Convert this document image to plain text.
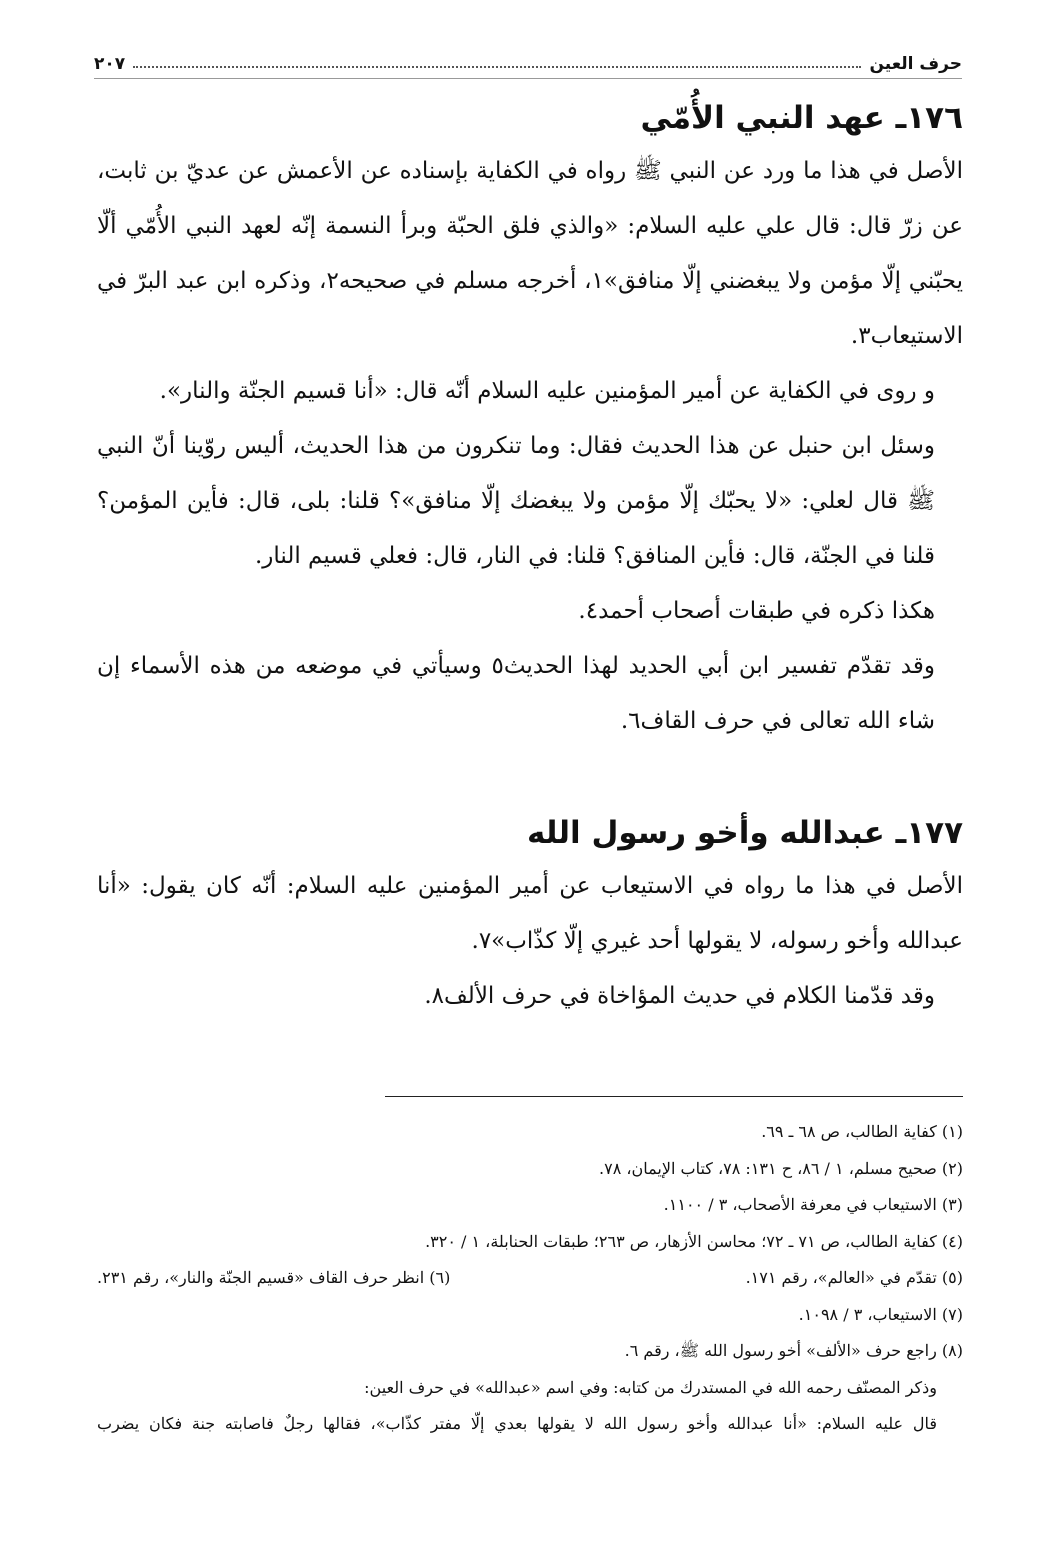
حرف العين
٢٠٧
١٧٦ـ عهد النبي الأُمّي

الأصل في هذا ما ورد عن النبي ﷺ رواه في الكفاية بإسناده عن الأعمش عن عديّ بن ثابت، عن زرّ قال: قال علي عليه السلام: «والذي فلق الحبّة وبرأ النسمة إنّه لعهد النبي الأُمّي ألّا يحبّني إلّا مؤمن ولا يبغضني إلّا منافق»١، أخرجه مسلم في صحيحه٢، وذكره ابن عبد البرّ في الاستيعاب٣.

و روى في الكفاية عن أمير المؤمنين عليه السلام أنّه قال: «أنا قسيم الجنّة والنار».

وسئل ابن حنبل عن هذا الحديث فقال: وما تنكرون من هذا الحديث، أليس روّينا أنّ النبي ﷺ قال لعلي: «لا يحبّك إلّا مؤمن ولا يبغضك إلّا منافق»؟ قلنا: بلى، قال: فأين المؤمن؟ قلنا في الجنّة، قال: فأين المنافق؟ قلنا: في النار، قال: فعلي قسيم النار.

هكذا ذكره في طبقات أصحاب أحمد٤.

وقد تقدّم تفسير ابن أبي الحديد لهذا الحديث٥ وسيأتي في موضعه من هذه الأسماء إن شاء الله تعالى في حرف القاف٦.

١٧٧ـ عبدالله وأخو رسول الله

الأصل في هذا ما رواه في الاستيعاب عن أمير المؤمنين عليه السلام: أنّه كان يقول: «أنا عبدالله وأخو رسوله، لا يقولها أحد غيري إلّا كذّاب»٧.

وقد قدّمنا الكلام في حديث المؤاخاة في حرف الألف٨.

(١) كفاية الطالب، ص ٦٨ ـ ٦٩.
(٢) صحيح مسلم، ١ / ٨٦، ح ١٣١: ٧٨، كتاب الإيمان، ٧٨.
(٣) الاستيعاب في معرفة الأصحاب، ٣ / ١١٠٠.
(٤) كفاية الطالب، ص ٧١ ـ ٧٢؛ محاسن الأزهار، ص ٢٦٣؛ طبقات الحنابلة، ١ / ٣٢٠.
(٥) تقدّم في «العالم»، رقم ١٧١.
(٦) انظر حرف القاف «قسيم الجنّة والنار»، رقم ٢٣١.
(٧) الاستيعاب، ٣ / ١٠٩٨.
(٨) راجع حرف «الألف» أخو رسول الله ﷺ، رقم ٦.
وذكر المصنّف رحمه الله في المستدرك من كتابه: وفي اسم «عبدالله» في حرف العين:
قال عليه السلام: «أنا عبدالله وأخو رسول الله لا يقولها بعدي إلّا مفتر كذّاب»، فقالها رجلٌ فاصابته جنة فكان يضرب
